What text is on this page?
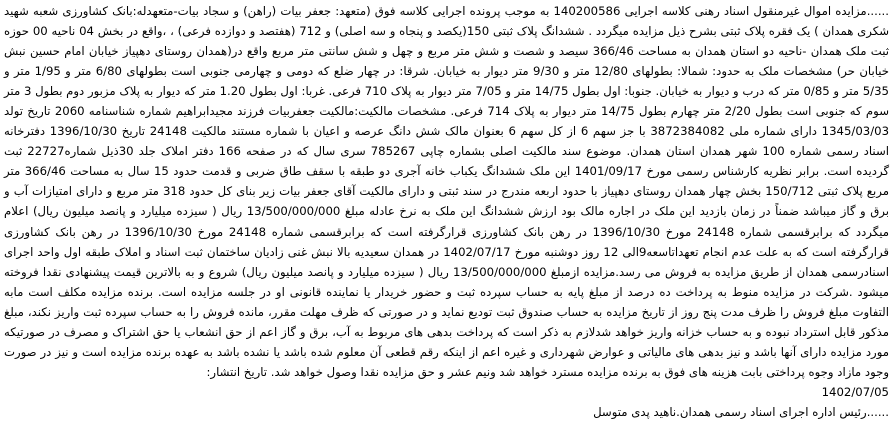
......مزایده اموال غیرمنقول اسناد رهنی کلاسه اجرایی 140200586 به موجب پرونده اجرایی کلاسه فوق (متعهد: جعفر بیات (راهن) و سجاد بیات-متعهدله:بانک کشاورزی شعبه شهید شکری همدان ) یک فقره پلاک ثبتی بشرح ذیل مزایده میگردد . ششدانگ پلاک ثبتی 150(یکصد و پنجاه و سه اصلی) و 712 (هفتصد و دوازده فرعی) ، ،واقع در بخش 04 ناحیه 00 حوزه ثبت ملک همدان -ناحیه دو استان همدان به مساحت 366/46 سیصد و شصت و شش متر مربع و چهل و شش سانتی متر مربع واقع در(همدان روستای دهپیاز خیابان امام حسین نبش خیابان حر) مشخصات ملک به حدود: شمالا: بطولهای 12/80 متر و 9/30 متر دیوار به خیابان. شرقا: در چهار ضلع که دومی و چهارمی جنوبی است بطولهای 6/80 متر و 1/95 متر و 5/35 متر و 0/85 متر که درب و دیوار به خیابان. جنوبا: اول بطول 14/75 متر و 7/05 متر دیوار به پلاک 710 فرعی. غربا: اول بطول 1.20 متر که دیوار به پلاک مزبور دوم بطول 3 متر سوم که جنوبی است بطول 2/20 متر چهارم بطول 14/75 متر دیوار به پلاک 714 فرعی. مشخصات مالکیت:مالکیت جعفربیات فرزند مجیدابراهیم شماره شناسنامه 2060 تاریخ تولد 1345/03/03 دارای شماره ملی 3872384082 با جز سهم 6 از کل سهم 6 بعنوان مالک شش دانگ عرصه و اعیان با شماره مستند مالکیت 24148 تاریخ 1396/10/30 دفترخانه اسناد رسمی شماره 100 شهر همدان استان همدان. موضوع سند مالکیت اصلی بشماره چاپی 785267 سری سال که در صفحه 166 دفتر املاک جلد 30ذیل شماره22727 ثبت گردیده است. برابر نظریه کارشناس رسمی مورخ 1401/09/17 این ملک ششدانگ یکباب خانه آجری دو طبقه با سقف طاق ضربی و قدمت حدود 15 سال به مساحت 366/46 متر مربع پلاک ثبتی 150/712 بخش چهار همدان روستای دهپیاز با حدود اربعه مندرج در سند ثبتی و دارای مالکیت آقای جعفر بیات زیر بنای کل حدود 318 متر مربع و دارای امتیازات آب و برق و گاز میباشد ضمناً در زمان بازدید این ملک در اجاره مالک بود ارزش ششدانگ این ملک به نرخ عادله مبلغ 13/500/000/000 ریال ( سیزده میلیارد و پانصد میلیون ریال) اعلام میگردد که برابرقسمی شماره 24148 مورخ 1396/10/30 در رهن بانک کشاورزی قرارگرفته است که برابرقسمی شماره 24148 مورخ 1396/10/30 در رهن بانک کشاورزی قرارگرفته است که به علت عدم انجام تعهداتاسعه9الی 12 روز دوشنبه مورخ 1402/07/17 در همدان سعیدیه بالا نبش غنی زادیان ساختمان ثبت اسناد و املاک طبقه اول واحد اجرای اسنادرسمی همدان از طریق مزایده به فروش می رسد.مزایده ازمبلغ 13/500/000/000 ریال ( سیزده میلیارد و پانصد میلیون ریال) شروع و به بالاترین قیمت پیشنهادی نقدا فروخته میشود .شرکت در مزایده منوط به پرداخت ده درصد از مبلغ پایه به حساب سپرده ثبت و حضور خریدار یا نماینده قانونی او در جلسه مزایده است. برنده مزایده مکلف است مابه التفاوت مبلغ فروش را ظرف مدت پنج روز از تاریخ مزایده به حساب صندوق ثبت تودیع نماید و در صورتی که ظرف مهلت مقرر، مانده فروش را به حساب سپرده ثبت واریز نکند، مبلغ مذکور قابل استرداد نبوده و به حساب خزانه واریز خواهد شدلازم به ذکر است که پرداخت بدهی های مربوط به آب، برق و گاز اعم از حق انشعاب یا حق اشتراک و مصرف در صورتیکه مورد مزایده دارای آنها باشد و نیز بدهی های مالیاتی و عوارض شهرداری و غیره اعم از اینکه رقم قطعی آن معلوم شده باشد یا نشده باشد به عهده برنده مزایده است و نیز در صورت وجود مازاد وجوه پرداختی بابت هزینه های فوق به برنده مزایده مسترد خواهد شد ونیم عشر و حق مزایده نقدا وصول خواهد شد. تاریخ انتشار:

1402/07/05

......رئیس اداره اجرای اسناد رسمی همدان.ناهید پدی متوسل
